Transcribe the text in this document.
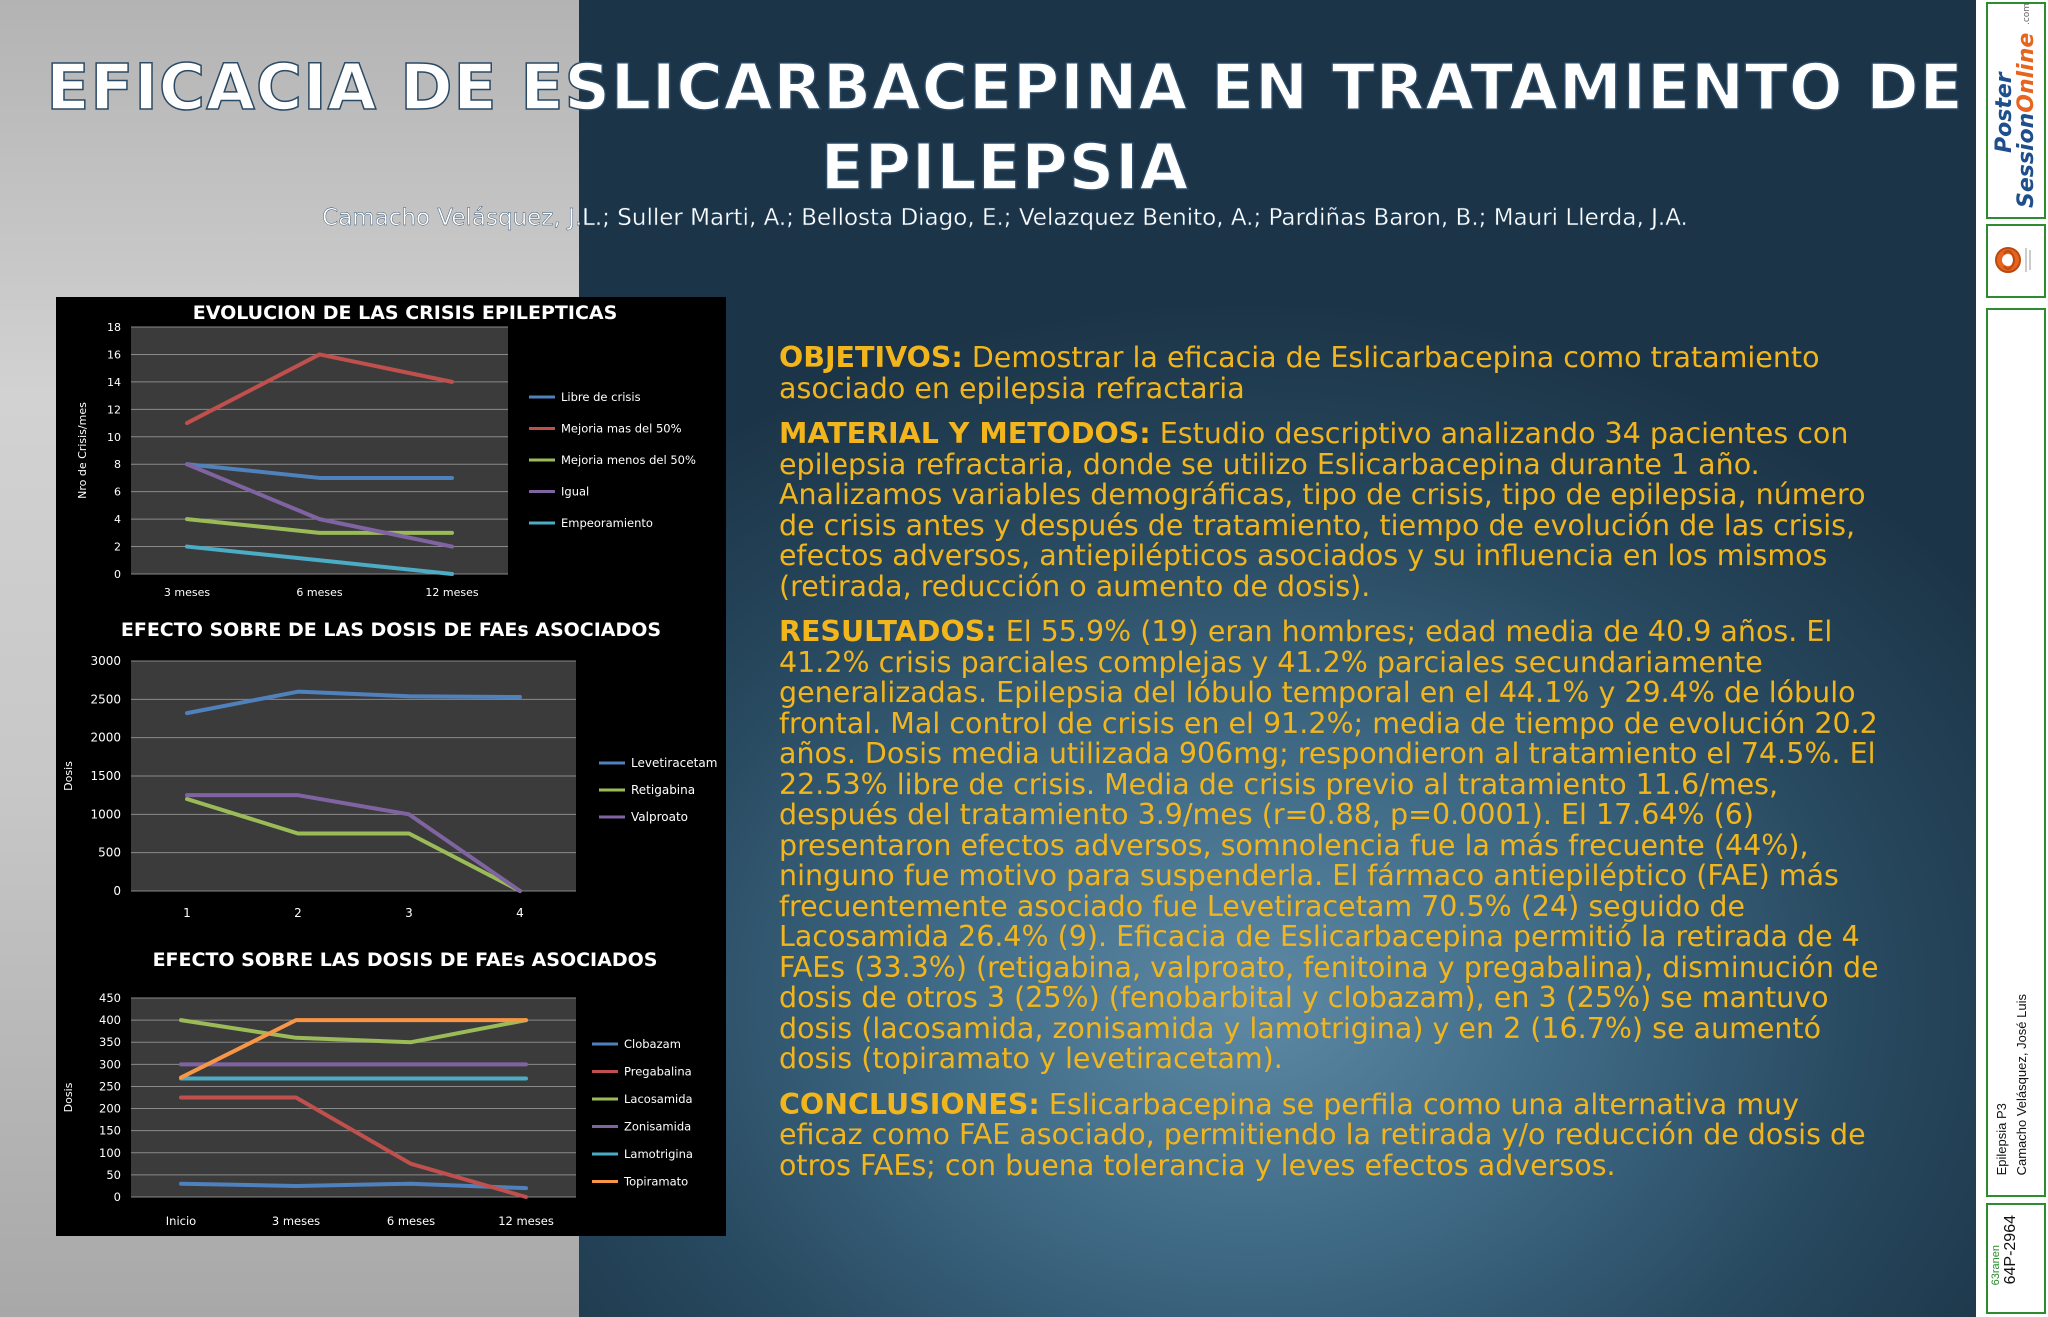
EFICACIA DE ESLICARBACEPINA EN TRATAMIENTO DE
EPILEPSIA
Camacho Velásquez, J.L.; Suller Marti, A.; Bellosta Diago, E.; Velazquez Benito, A.; Pardiñas Baron, B.; Mauri Llerda, J.A.
EVOLUCION DE LAS CRISIS EPILEPTICAS
0
2
4
6
8
10
12
14
16
18
3 meses	6 meses	12 meses
Nro de Crisis/mes
Libre de crisis
Mejoria mas del 50%
Mejoria menos del 50%
Igual
Empeoramiento
EFECTO SOBRE DE LAS DOSIS DE FAEs ASOCIADOS
0
500
1000
1500
2000
2500
3000
1	2	3	4
Dosis	Levetiracetam
Retigabina
Valproato
EFECTO SOBRE LAS DOSIS DE FAEs ASOCIADOS
0
50
100
150
200
250
300
350
400
450
Inicio	3 meses	6 meses	12 meses
Dosis
Clobazam
Pregabalina
Lacosamida
Zonisamida
Lamotrigina
Topiramato

OBJETIVOS: Demostrar la eficacia de Eslicarbacepina como tratamiento asociado en epilepsia refractaria

MATERIAL Y METODOS: Estudio descriptivo analizando 34 pacientes con epilepsia refractaria, donde se utilizo Eslicarbacepina durante 1 año. Analizamos variables demográficas, tipo de crisis, tipo de epilepsia, número de crisis antes y después de tratamiento, tiempo de evolución de las crisis, efectos adversos, antiepilépticos asociados y su influencia en los mismos (retirada, reducción o aumento de dosis).

RESULTADOS: El 55.9% (19) eran hombres; edad media de 40.9 años. El 41.2% crisis parciales complejas y 41.2% parciales secundariamente generalizadas. Epilepsia del lóbulo temporal en el 44.1% y 29.4% de lóbulo frontal. Mal control de crisis en el 91.2%; media de tiempo de evolución 20.2 años. Dosis media utilizada 906mg; respondieron al tratamiento el 74.5%. El 22.53% libre de crisis. Media de crisis previo al tratamiento 11.6/mes, después del tratamiento 3.9/mes (r=0.88, p=0.0001). El 17.64% (6) presentaron efectos adversos, somnolencia fue la más frecuente (44%), ninguno fue motivo para suspenderla. El fármaco antiepiléptico (FAE) más frecuentemente asociado fue Levetiracetam 70.5% (24) seguido de Lacosamida 26.4% (9). Eficacia de Eslicarbacepina permitió la retirada de 4 FAEs (33.3%) (retigabina, valproato, fenitoina y pregabalina), disminución de dosis de otros 3 (25%) (fenobarbital y clobazam), en 3 (25%) se mantuvo dosis (lacosamida, zonisamida y lamotrigina) y en 2 (16.7%) se aumentó dosis (topiramato y levetiracetam).

CONCLUSIONES: Eslicarbacepina se perfila como una alternativa muy eficaz como FAE asociado, permitiendo la retirada y/o reducción de dosis de otros FAEs; con buena tolerancia y leves efectos adversos.

Poster
SessionOnline .com
Epilepsia P3 Camacho Velásquez, José Luis
64P-2964
63ranen
